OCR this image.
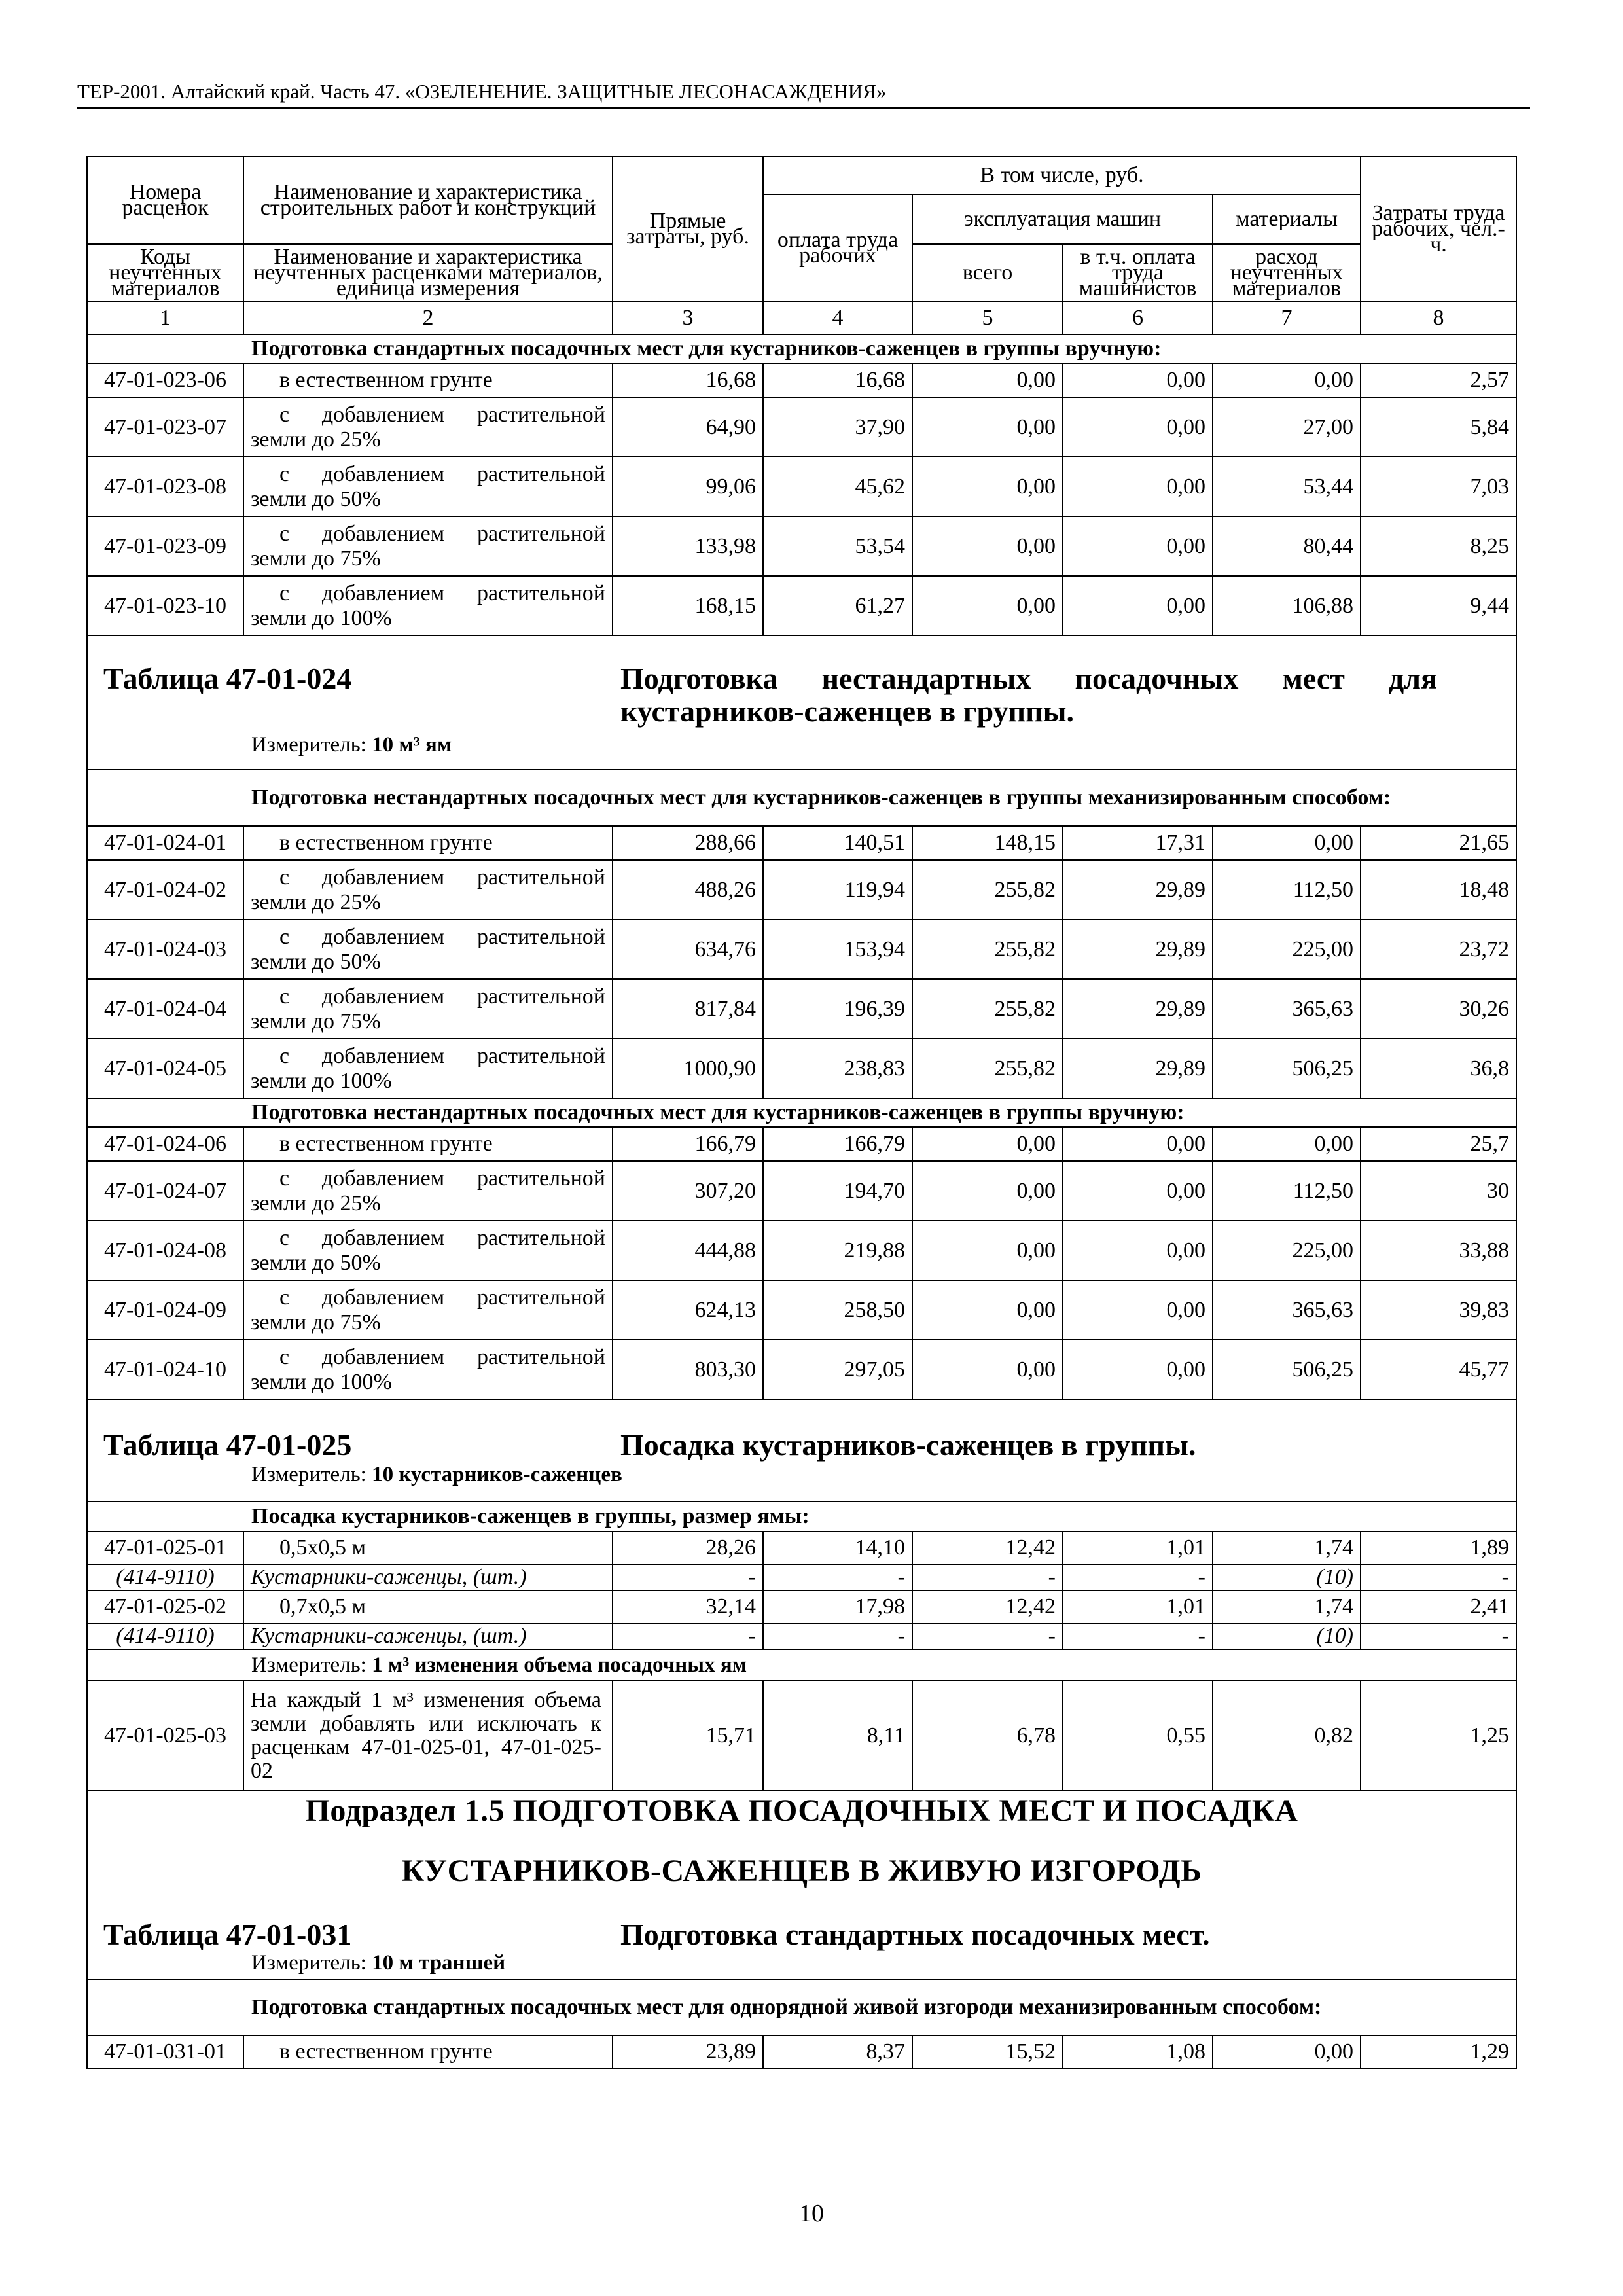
ТЕР-2001. Алтайский край. Часть 47. «ОЗЕЛЕНЕНИЕ. ЗАЩИТНЫЕ ЛЕСОНАСАЖДЕНИЯ»
Номера расценок	Наименование и характеристика строительных работ и конструкций	Прямые затраты, руб.	В том числе, руб.				Затраты труда рабочих, чел.-ч.
			оплата труда рабочих	эксплуатация машин		материалы	
Коды неучтенных материалов	Наименование и характеристика неучтенных расценками материалов, единица измерения			всего	в т.ч. оплата труда машинистов	расход неучтенных материалов	

1	2	3	4	5	6	7	8
Подготовка стандартных посадочных мест для кустарников-саженцев в группы вручную:							
47-01-023-06	в естественном грунте	16,68	16,68	0,00	0,00	0,00	2,57
47-01-023-07	с добавлением растительной земли до 25%	64,90	37,90	0,00	0,00	27,00	5,84
47-01-023-08	с добавлением растительной земли до 50%	99,06	45,62	0,00	0,00	53,44	7,03
47-01-023-09	с добавлением растительной земли до 75%	133,98	53,54	0,00	0,00	80,44	8,25
47-01-023-10	с добавлением растительной земли до 100%	168,15	61,27	0,00	0,00	106,88	9,44

Таблица 47-01-024 Подготовка нестандартных посадочных мест для кустарников-саженцев в группы.
Измеритель: 10 м³ ям							

Подготовка нестандартных посадочных мест для кустарников-саженцев в группы механизированным способом:							
47-01-024-01	в естественном грунте	288,66	140,51	148,15	17,31	0,00	21,65
47-01-024-02	с добавлением растительной земли до 25%	488,26	119,94	255,82	29,89	112,50	18,48
47-01-024-03	с добавлением растительной земли до 50%	634,76	153,94	255,82	29,89	225,00	23,72
47-01-024-04	с добавлением растительной земли до 75%	817,84	196,39	255,82	29,89	365,63	30,26
47-01-024-05	с добавлением растительной земли до 100%	1000,90	238,83	255,82	29,89	506,25	36,8
Подготовка нестандартных посадочных мест для кустарников-саженцев в группы вручную:							
47-01-024-06	в естественном грунте	166,79	166,79	0,00	0,00	0,00	25,7
47-01-024-07	с добавлением растительной земли до 25%	307,20	194,70	0,00	0,00	112,50	30
47-01-024-08	с добавлением растительной земли до 50%	444,88	219,88	0,00	0,00	225,00	33,88
47-01-024-09	с добавлением растительной земли до 75%	624,13	258,50	0,00	0,00	365,63	39,83
47-01-024-10	с добавлением растительной земли до 100%	803,30	297,05	0,00	0,00	506,25	45,77

Таблица 47-01-025 Посадка кустарников-саженцев в группы.
Измеритель: 10 кустарников-саженцев							

Посадка кустарников-саженцев в группы, размер ямы:							
47-01-025-01	0,5x0,5 м	28,26	14,10	12,42	1,01	1,74	1,89
(414-9110)	Кустарники-саженцы, (шт.)	-	-	-	-	(10)	-
47-01-025-02	0,7x0,5 м	32,14	17,98	12,42	1,01	1,74	2,41
(414-9110)	Кустарники-саженцы, (шт.)	-	-	-	-	(10)	-
Измеритель: 1 м³ изменения объема посадочных ям							
47-01-025-03	На каждый 1 м³ изменения объема земли добавлять или исключать к расценкам 47-01-025-01, 47-01-025-02	15,71	8,11	6,78	0,55	0,82	1,25

Подраздел 1.5 ПОДГОТОВКА ПОСАДОЧНЫХ МЕСТ И ПОСАДКА
КУСТАРНИКОВ-САЖЕНЦЕВ В ЖИВУЮ ИЗГОРОДЬ
Таблица 47-01-031 Подготовка стандартных посадочных мест.
Измеритель: 10 м траншей							

Подготовка стандартных посадочных мест для однорядной живой изгороди механизированным способом:							
47-01-031-01	в естественном грунте	23,89	8,37	15,52	1,08	0,00	1,29
10
